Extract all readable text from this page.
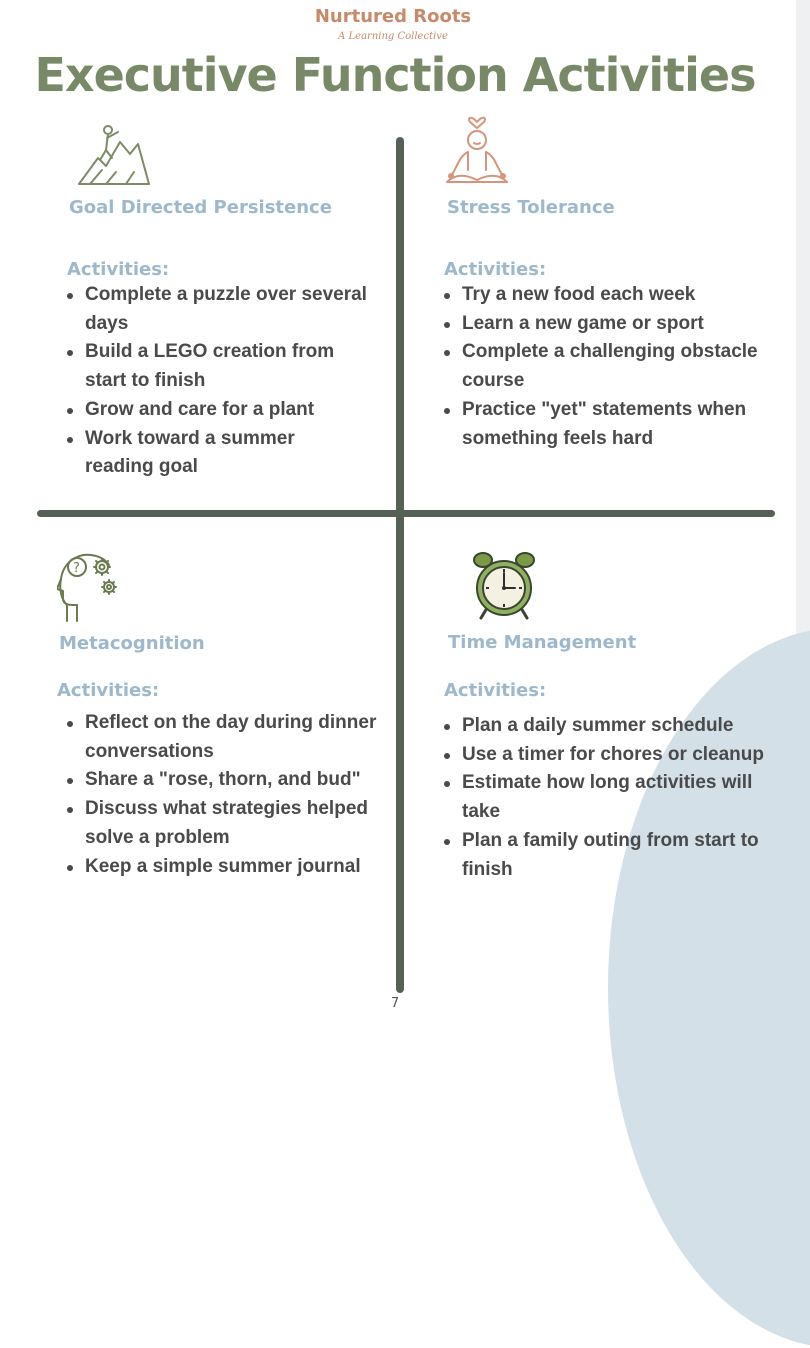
Nurtured Roots
A Learning Collective
Executive Function Activities
Goal Directed Persistence
Activities:
Complete a puzzle over several days
Build a LEGO creation from start to finish
Grow and care for a plant
Work toward a summer reading goal
Stress Tolerance
Activities:
Try a new food each week
Learn a new game or sport
Complete a challenging obstacle course
Practice "yet" statements when something feels hard
?
Metacognition
Activities:
Reflect on the day during dinner conversations
Share a "rose, thorn, and bud"
Discuss what strategies helped solve a problem
Keep a simple summer journal
Time Management
Activities:
Plan a daily summer schedule
Use a timer for chores or cleanup
Estimate how long activities will take
Plan a family outing from start to finish
7
